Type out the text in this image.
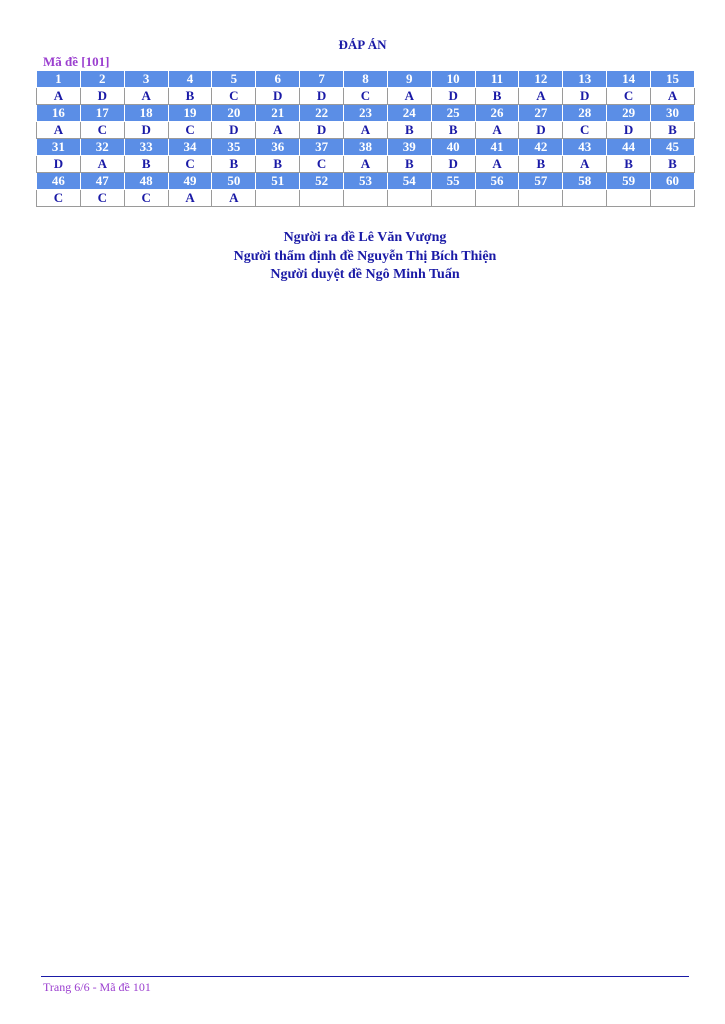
ĐÁP ÁN
Mã đề [101]
1	2	3	4	5	6	7	8	9	10	11	12	13	14	15
A	D	A	B	C	D	D	C	A	D	B	A	D	C	A
16	17	18	19	20	21	22	23	24	25	26	27	28	29	30
A	C	D	C	D	A	D	A	B	B	A	D	C	D	B
31	32	33	34	35	36	37	38	39	40	41	42	43	44	45
D	A	B	C	B	B	C	A	B	D	A	B	A	B	B
46	47	48	49	50	51	52	53	54	55	56	57	58	59	60
C	C	C	A	A										
Người ra đề Lê Văn Vượng
Người thẩm định đề Nguyễn Thị Bích Thiện
Người duyệt đề Ngô Minh Tuấn
Trang 6/6 - Mã đề 101
